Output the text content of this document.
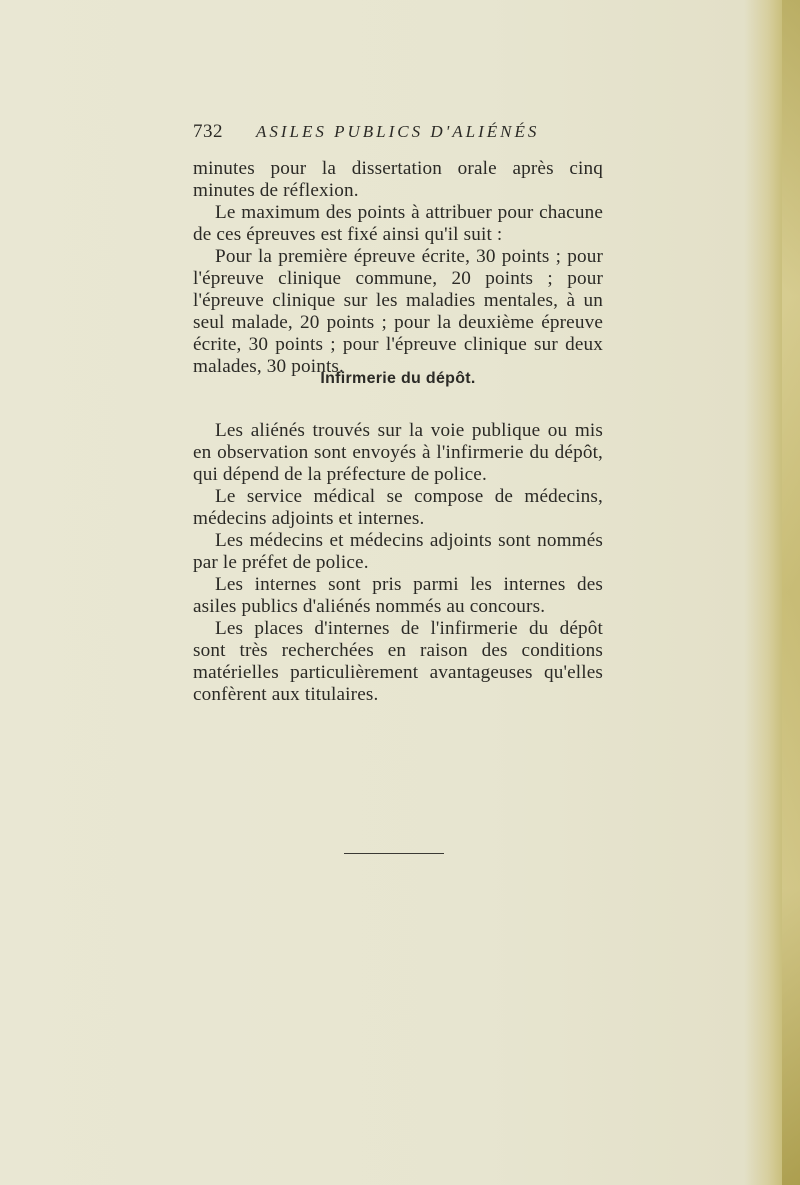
732 ASILES PUBLICS D'ALIÉNÉS

minutes pour la dissertation orale après cinq minutes de réflexion.

Le maximum des points à attribuer pour chacune de ces épreuves est fixé ainsi qu'il suit :

Pour la première épreuve écrite, 30 points ; pour l'épreuve clinique commune, 20 points ; pour l'épreuve clinique sur les maladies mentales, à un seul malade, 20 points ; pour la deuxième épreuve écrite, 30 points ; pour l'épreuve clinique sur deux malades, 30 points.

Infirmerie du dépôt.

Les aliénés trouvés sur la voie publique ou mis en observation sont envoyés à l'infirmerie du dépôt, qui dépend de la préfecture de police.

Le service médical se compose de médecins, médecins adjoints et internes.

Les médecins et médecins adjoints sont nommés par le préfet de police.

Les internes sont pris parmi les internes des asiles publics d'aliénés nommés au concours.

Les places d'internes de l'infirmerie du dépôt sont très recherchées en raison des conditions matérielles particulièrement avantageuses qu'elles confèrent aux titulaires.
